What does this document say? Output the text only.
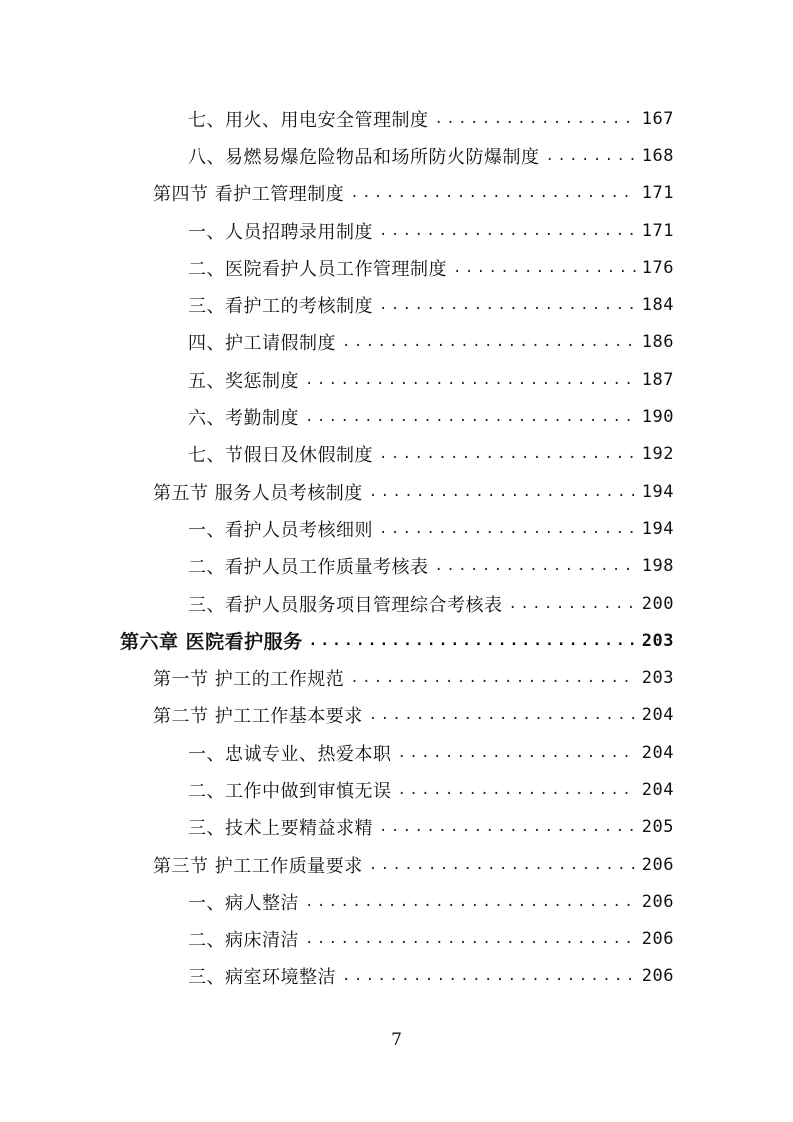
七、用火、用电安全管理制度 .....	167
八、易燃易爆危险物品和场所防火防爆制度 .....	168
第四节 看护工管理制度 .....	171
一、人员招聘录用制度 .....	171
二、医院看护人员工作管理制度 .....	176
三、看护工的考核制度 .....	184
四、护工请假制度 .....	186
五、奖惩制度 .....	187
六、考勤制度 .....	190
七、节假日及休假制度 .....	192
第五节 服务人员考核制度 .....	194
一、看护人员考核细则 .....	194
二、看护人员工作质量考核表 .....	198
三、看护人员服务项目管理综合考核表 .....	200
第六章 医院看护服务 .....	203
第一节 护工的工作规范 .....	203
第二节 护工工作基本要求 .....	204
一、忠诚专业、热爱本职 .....	204
二、工作中做到审慎无误 .....	204
三、技术上要精益求精 .....	205
第三节 护工工作质量要求 .....	206
一、病人整洁 .....	206
二、病床清洁 .....	206
三、病室环境整洁 .....	206
7
